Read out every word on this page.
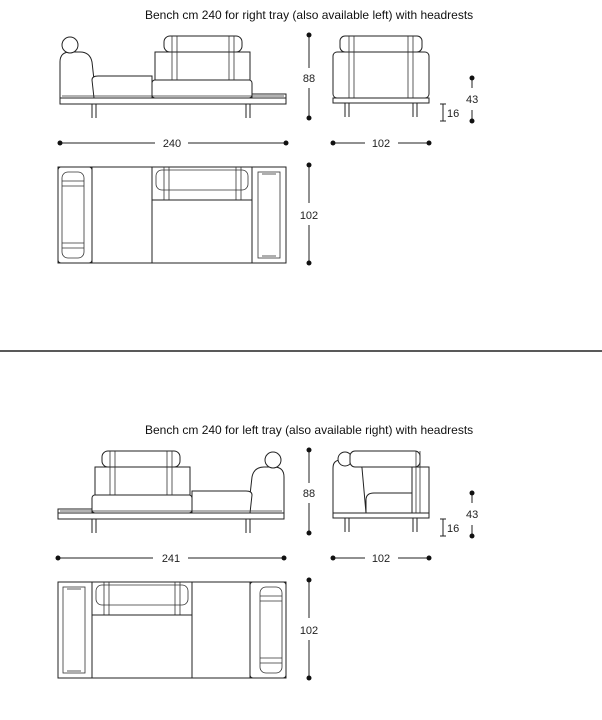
Bench cm 240 for right tray (also available left) with headrests
Bench cm 240 for left tray (also available right) with headrests
240
88
102
43
16
102
241
88
102
43
16
102
